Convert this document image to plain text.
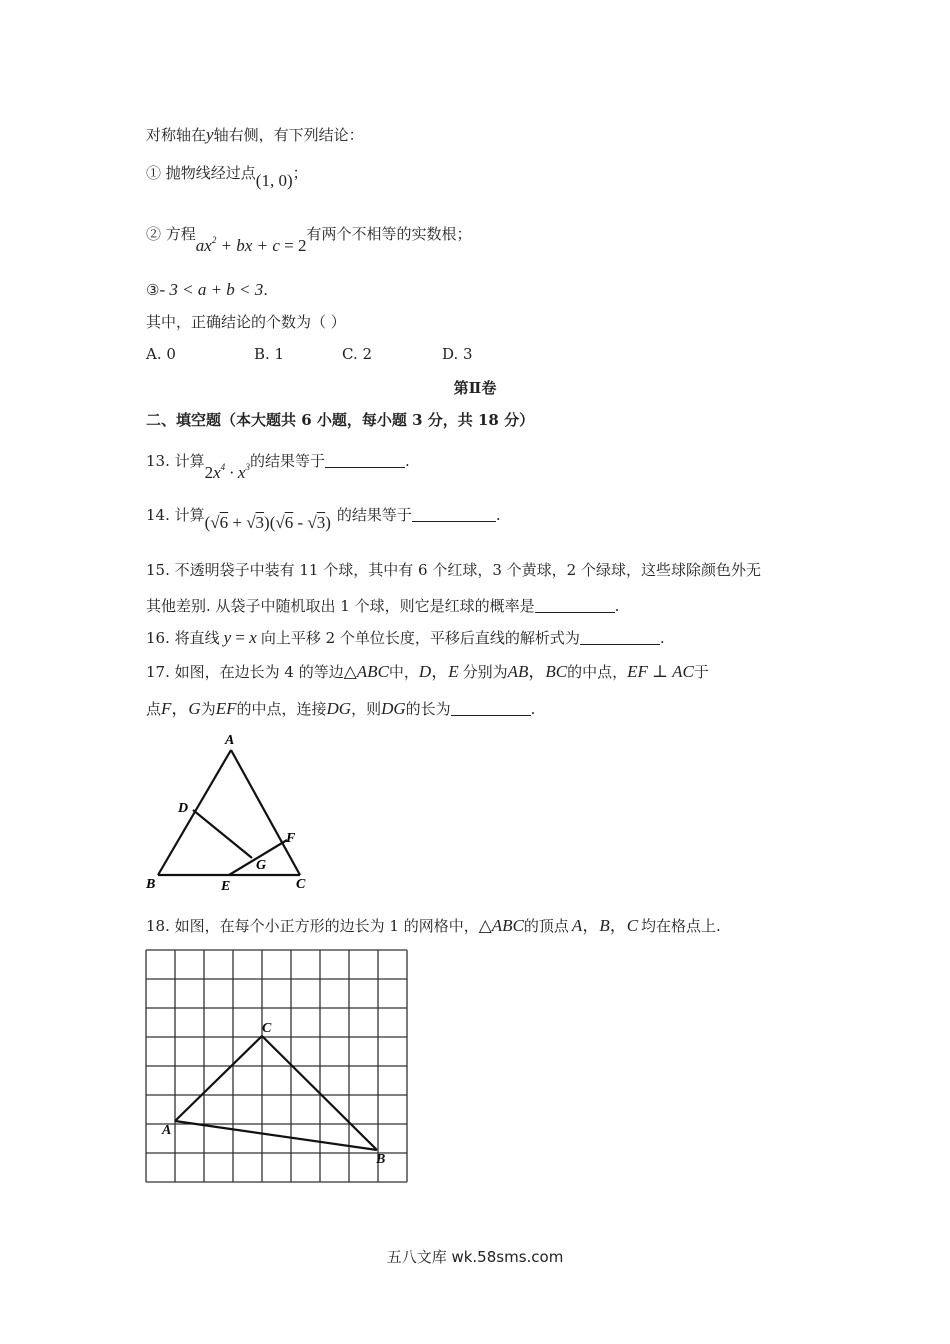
对称轴在y轴右侧，有下列结论：
① 抛物线经过点(1, 0)；
② 方程$ax^2$ + bx + c = 2有两个不相等的实数根；
③- 3 < a + b < 3.
其中，正确结论的个数为（ ）
A. 0	B. 1	C. 2	D. 3
第Ⅱ卷
二、填空题（本大题共 6 小题，每小题 3 分，共 18 分）
13. 计算$2x^4 \cdot x^3$的结果等于	.
14. 计算(√6 + √3)(√6 - √3) 的结果等于	.
15. 不透明袋子中装有 11 个球，其中有 6 个红球，3 个黄球，2 个绿球，这些球除颜色外无
其他差别. 从袋子中随机取出 1 个球，则它是红球的概率是	.
16. 将直线 y = x 向上平移 2 个单位长度，平移后直线的解析式为	.
17. 如图，在边长为 4 的等边△ABC中，D，E 分别为AB，BC的中点，EF ⊥ AC于
点F，G为EF的中点，连接DG，则DG的长为	.
A
D
F
G
B	E	C
18. 如图，在每个小正方形的边长为 1 的网格中，△ABC的顶点 A，B，C 均在格点上.
C
A
B
五八文库 wk.58sms.com
